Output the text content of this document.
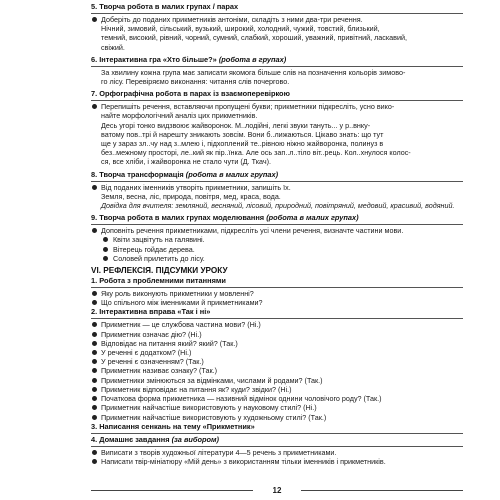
5. Творча робота в малих групах / парах
Доберіть до поданих прикметників антоніми, складіть з ними два-три речення.
Нічний, зимовий, сільський, вузький, широкий, холодний, чужий, товстий, близький,
темний, високий, рівний, чорний, сумний, слабкий, хороший, уважний, привітний, ласкавий,
свіжий.
6. Інтерактивна гра «Хто більше?» (робота в групах)
За хвилину кожна група має записати якомога більше слів на позначення кольорів зимово-
го лісу. Перевіряємо виконання: читання слів почергово.
7. Орфографічна робота в парах із взаємоперевіркою
Перепишіть речення, вставляючи пропущені букви; прикметники підкресліть, усно вико-
найте морфологічний аналіз цих прикметників.
Десь угорі тонко видзвоює жайворонок. М..лодійні, легкі звуки тануть... у р..внку-
ватому пов..трі й нарешту зникають зовсім. Вони б..лижаються. Цікаво знать: що тут
ще у зараз зл..чу над з..млею і, підхоплений те..рівною ніжно жайворонка, полинуз в
без..межному просторі, ле..кий як пір..їнка. Але ось зап..л..тіло віт..рець. Кол..хнулося колос-
ся, все хліби, і жайворонка не стало чути (Д. Ткач).
8. Творча трансформація (робота в малих групах)
Від поданих іменників утворіть прикметники, запишіть їх.
Земля, весна, ліс, природа, повітря, мед, краса, вода.
Довідка для вчителя: земляний, весняний, лісовий, природний, повітряний, медовий, красивий, водяний.
9. Творча робота в малих групах моделювання (робота в малих групах)
Доповніть речення прикметниками, підкресліть усі члени речення, визначте частини мови.
Квіти зацвітуть на галявині.
Вітерець гойдає дерева.
Соловей прилетить до лісу.
VI. РЕФЛЕКСІЯ. ПІДСУМКИ УРОКУ
1. Робота з проблемними питаннями
Яку роль виконують прикметники у мовленні?
Що спільного між іменниками й прикметниками?
2. Інтерактивна вправа «Так і ні»
Прикметник — це службова частина мови? (Ні.)
Прикметник означає дію? (Ні.)
Відповідає на питання який? який? (Так.)
У реченні є додатком? (Ні.)
У реченні є означенням? (Так.)
Прикметник називає ознаку? (Так.)
Прикметники змінюються за відмінками, числами й родами? (Так.)
Прикметник відповідає на питання як? куди? звідки? (Ні.)
Початкова форма прикметника — називний відмінок однини чоловічого роду? (Так.)
Прикметник найчастіше використовують у науковому стилі? (Ні.)
Прикметник найчастіше використовують у художньому стилі? (Так.)
3. Написання сенкань на тему «Прикметник»
4. Домашнє завдання (за вибором)
Виписати з творів художньої літератури 4—5 речень з прикметниками.
Написати твір-мініатюру «Мій день» з використанням тільки іменників і прикметників.
12
